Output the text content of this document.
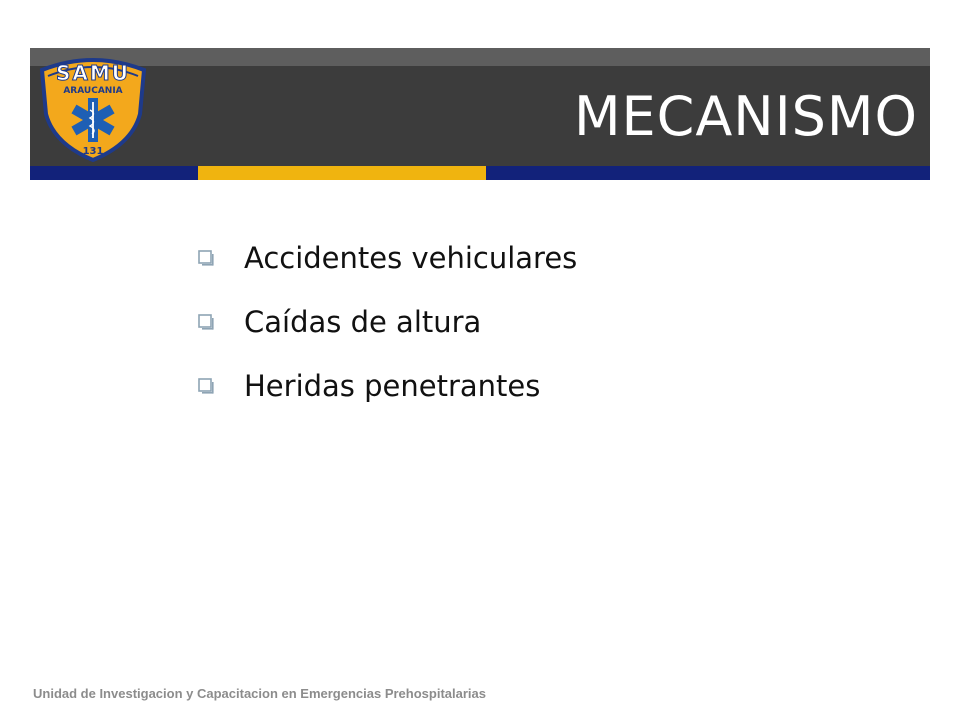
SAMU
ARAUCANIA
131
MECANISMO
Accidentes vehiculares
Caídas de altura
Heridas penetrantes
Unidad de Investigacion y Capacitacion en Emergencias Prehospitalarias
